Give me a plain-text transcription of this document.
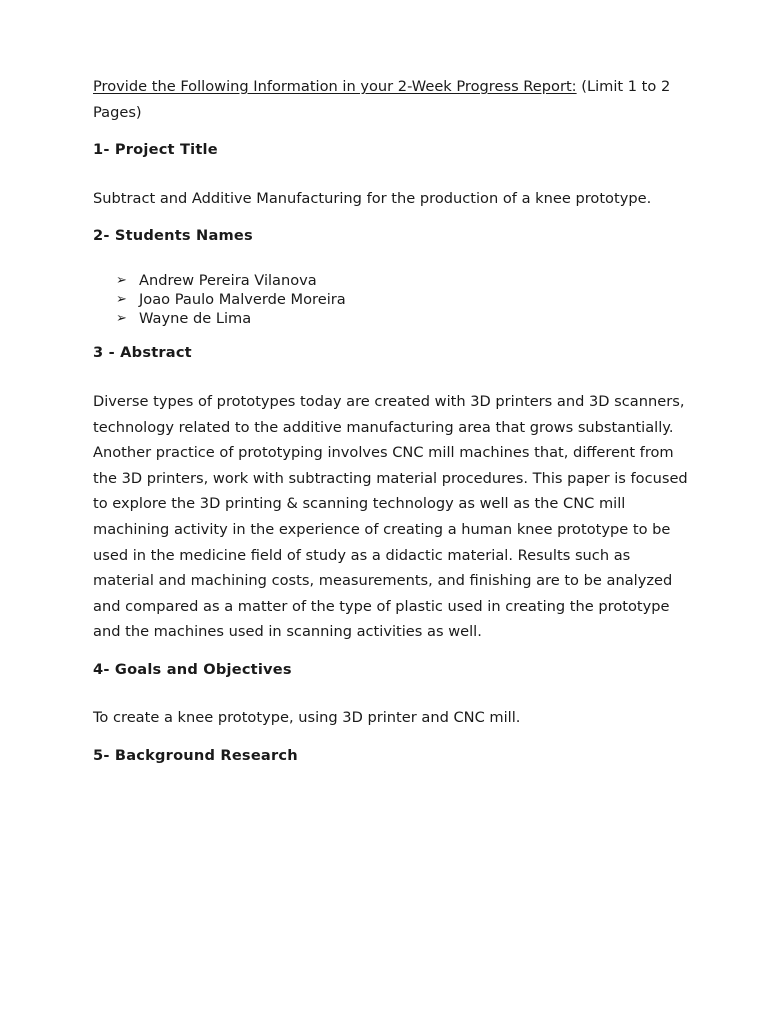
Provide the Following Information in your 2-Week Progress Report: (Limit 1 to 2 Pages)

1- Project Title

Subtract and Additive Manufacturing for the production of a knee prototype.

2- Students Names

➢ Andrew Pereira Vilanova
➢ Joao Paulo Malverde Moreira
➢ Wayne de Lima

3 - Abstract

Diverse types of prototypes today are created with 3D printers and 3D scanners, technology related to the additive manufacturing area that grows substantially. Another practice of prototyping involves CNC mill machines that, different from the 3D printers, work with subtracting material procedures. This paper is focused to explore the 3D printing & scanning technology as well as the CNC mill machining activity in the experience of creating a human knee prototype to be used in the medicine field of study as a didactic material. Results such as material and machining costs, measurements, and finishing are to be analyzed and compared as a matter of the type of plastic used in creating the prototype and the machines used in scanning activities as well.

4- Goals and Objectives

To create a knee prototype, using 3D printer and CNC mill.

5- Background Research
